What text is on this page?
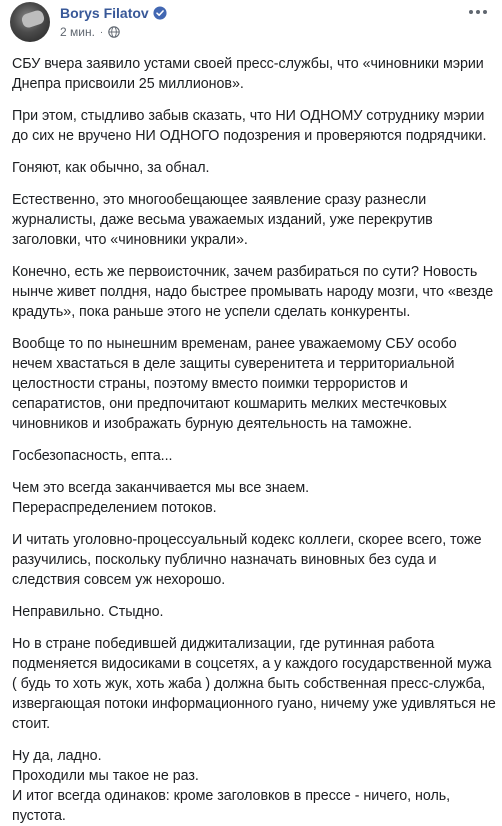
Borys Filatov
2 мин. ·

СБУ вчера заявило устами своей пресс-службы, что «чиновники мэрии Днепра присвоили 25 миллионов».

При этом, стыдливо забыв сказать, что НИ ОДНОМУ сотруднику мэрии до сих не вручено НИ ОДНОГО подозрения и проверяются подрядчики.

Гоняют, как обычно, за обнал.

Естественно, это многообещающее заявление сразу разнесли журналисты, даже весьма уважаемых изданий, уже перекрутив заголовки, что «чиновники украли».

Конечно, есть же первоисточник, зачем разбираться по сути? Новость нынче живет полдня, надо быстрее промывать народу мозги, что «везде крадуть», пока раньше этого не успели сделать конкуренты.

Вообще то по нынешним временам, ранее уважаемому СБУ особо нечем хвастаться в деле защиты суверенитета и территориальной целостности страны, поэтому вместо поимки террористов и сепаратистов, они предпочитают кошмарить мелких местечковых чиновников и изображать бурную деятельность на таможне.

Госбезопасность, епта...

Чем это всегда заканчивается мы все знаем.

Перераспределением потоков.

И читать уголовно-процессуальный кодекс коллеги, скорее всего, тоже разучились, поскольку публично назначать виновных без суда и следствия совсем уж нехорошо.

Неправильно. Стыдно.

Но в стране победившей диджитализации, где рутинная работа подменяется видосиками в соцсетях, а у каждого государственной мужа ( будь то хоть жук, хоть жаба ) должна быть собственная пресс-служба, извергающая потоки информационного гуано, ничему уже удивляться не стоит.

Ну да, ладно.

Проходили мы такое не раз.

И итог всегда одинаков: кроме заголовков в прессе - ничего, ноль, пустота.
